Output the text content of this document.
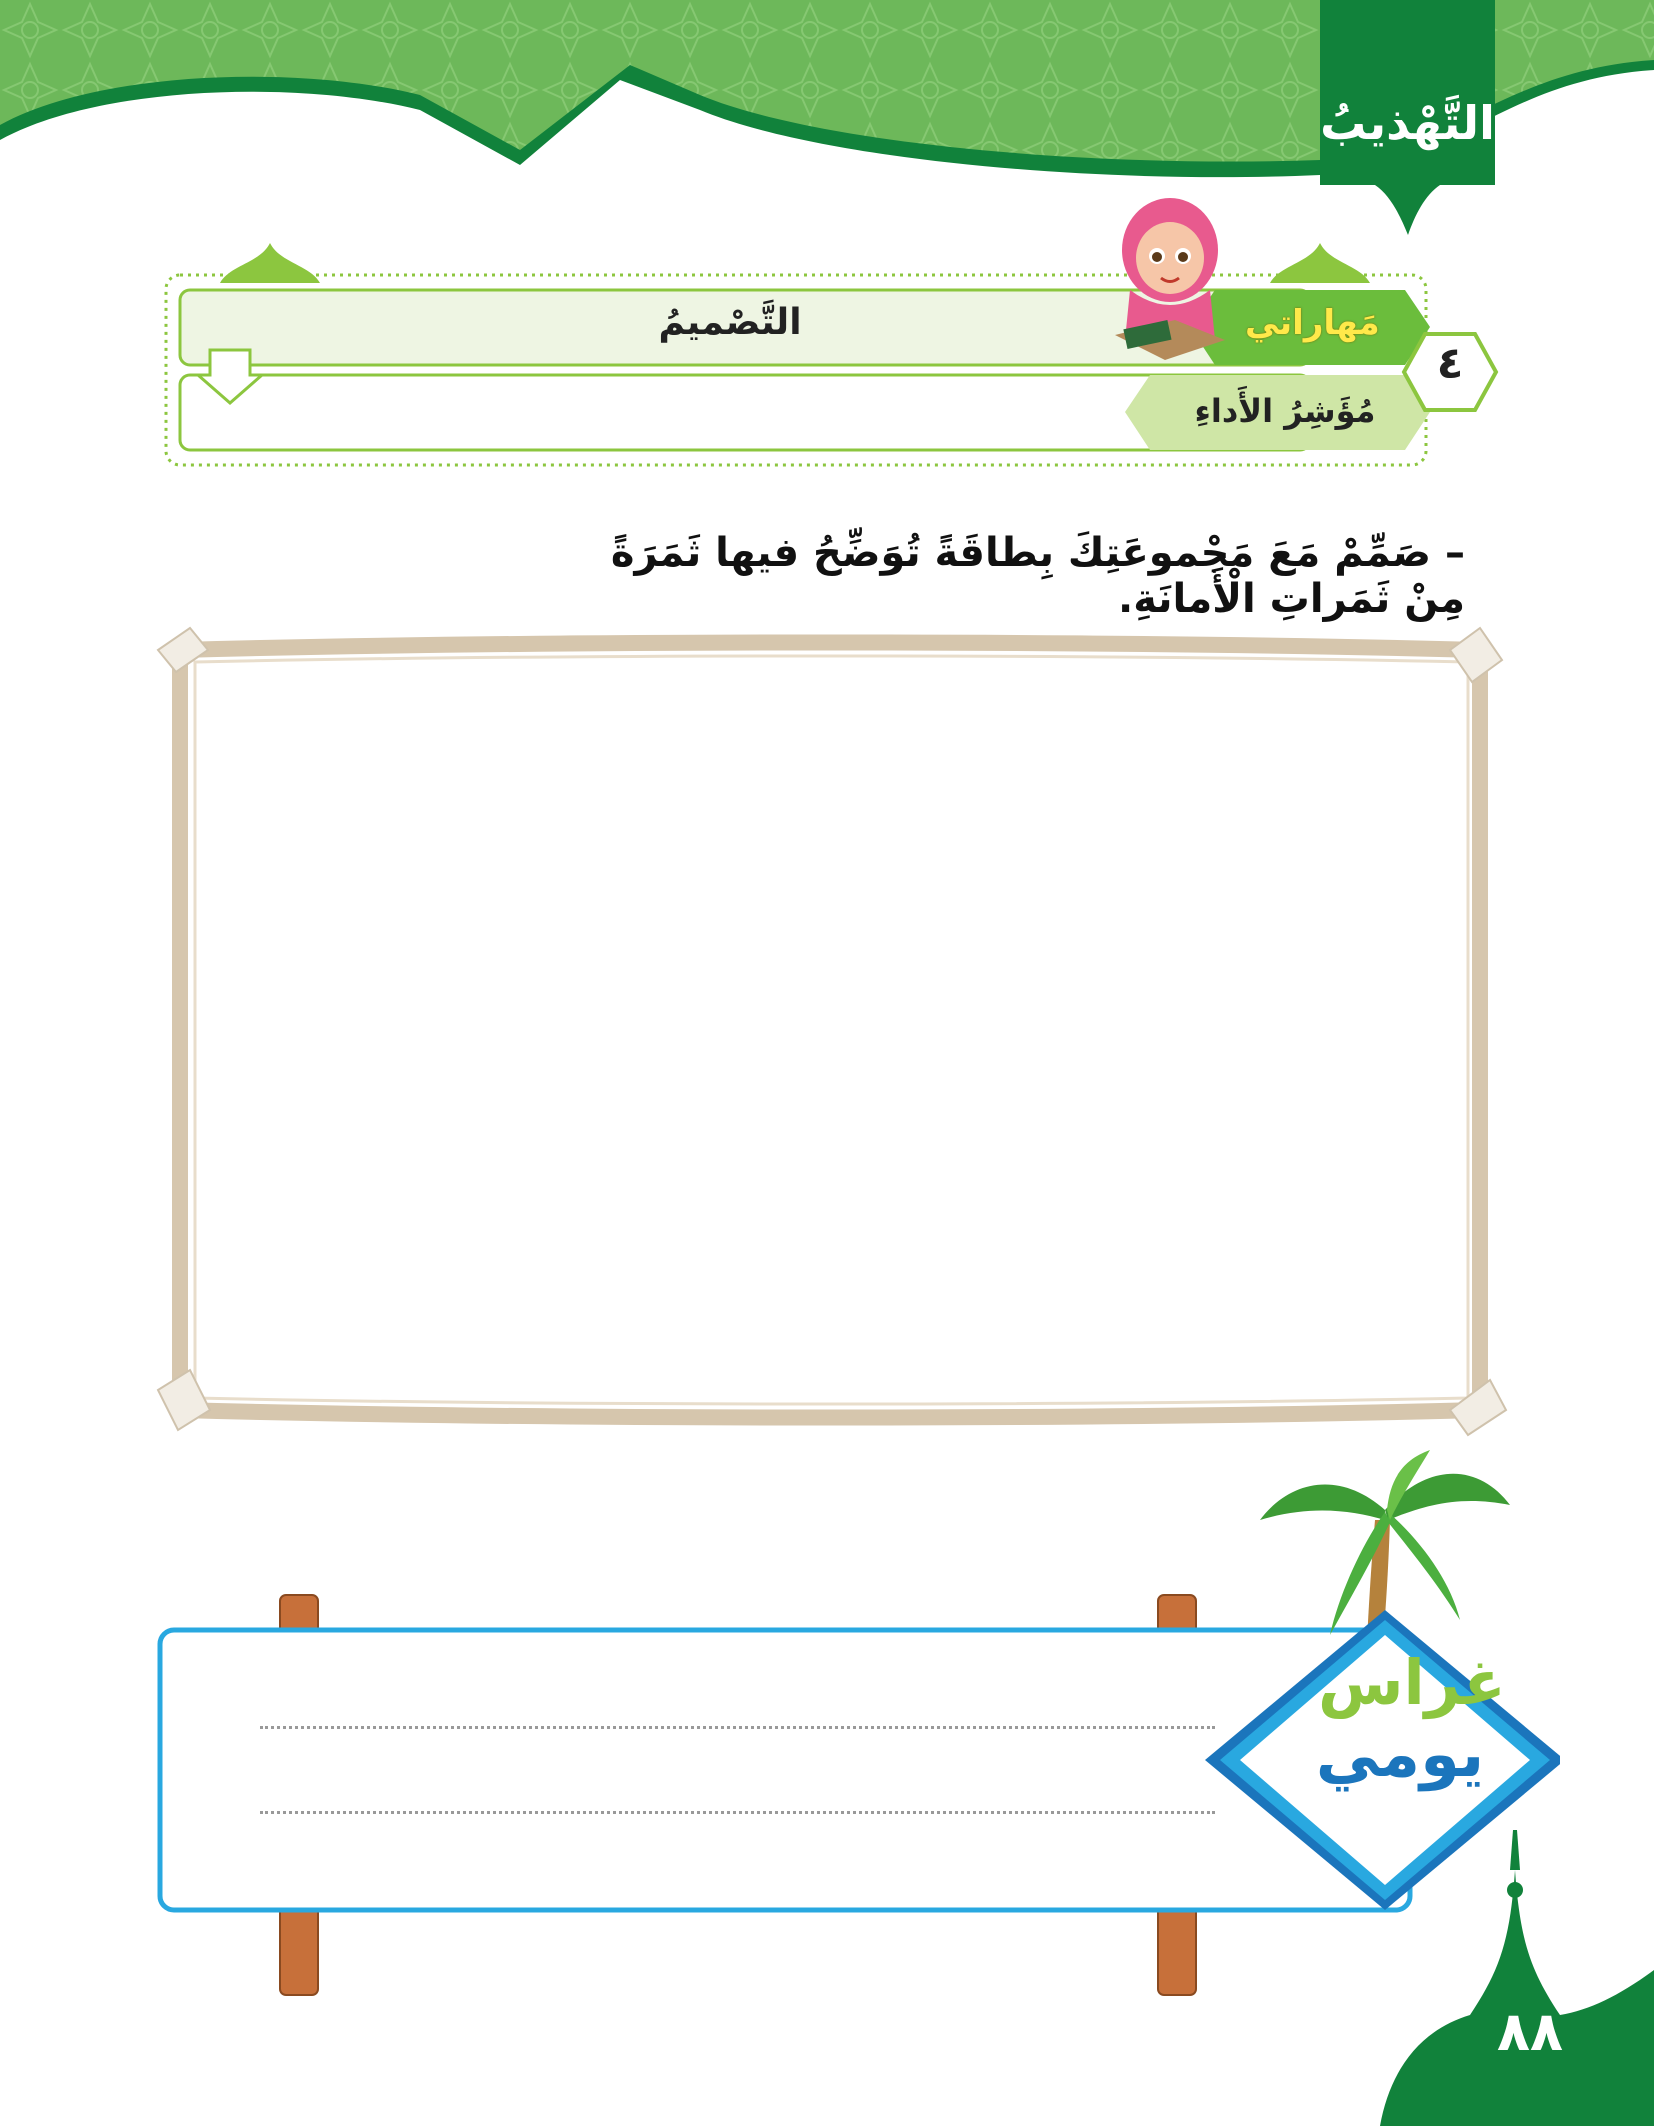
التَّهْذيبُ
٤
مَهاراتي
مُؤَشِرُ الأَداءِ
التَّصْميمُ
– صَمِّمْ مَعَ مَجْموعَتِكَ بِطاقَةً تُوَضِّحُ فيها ثَمَرَةً مِنْ ثَمَراتِ الْأَمانَةِ.
غراس
يومي
٨٨
